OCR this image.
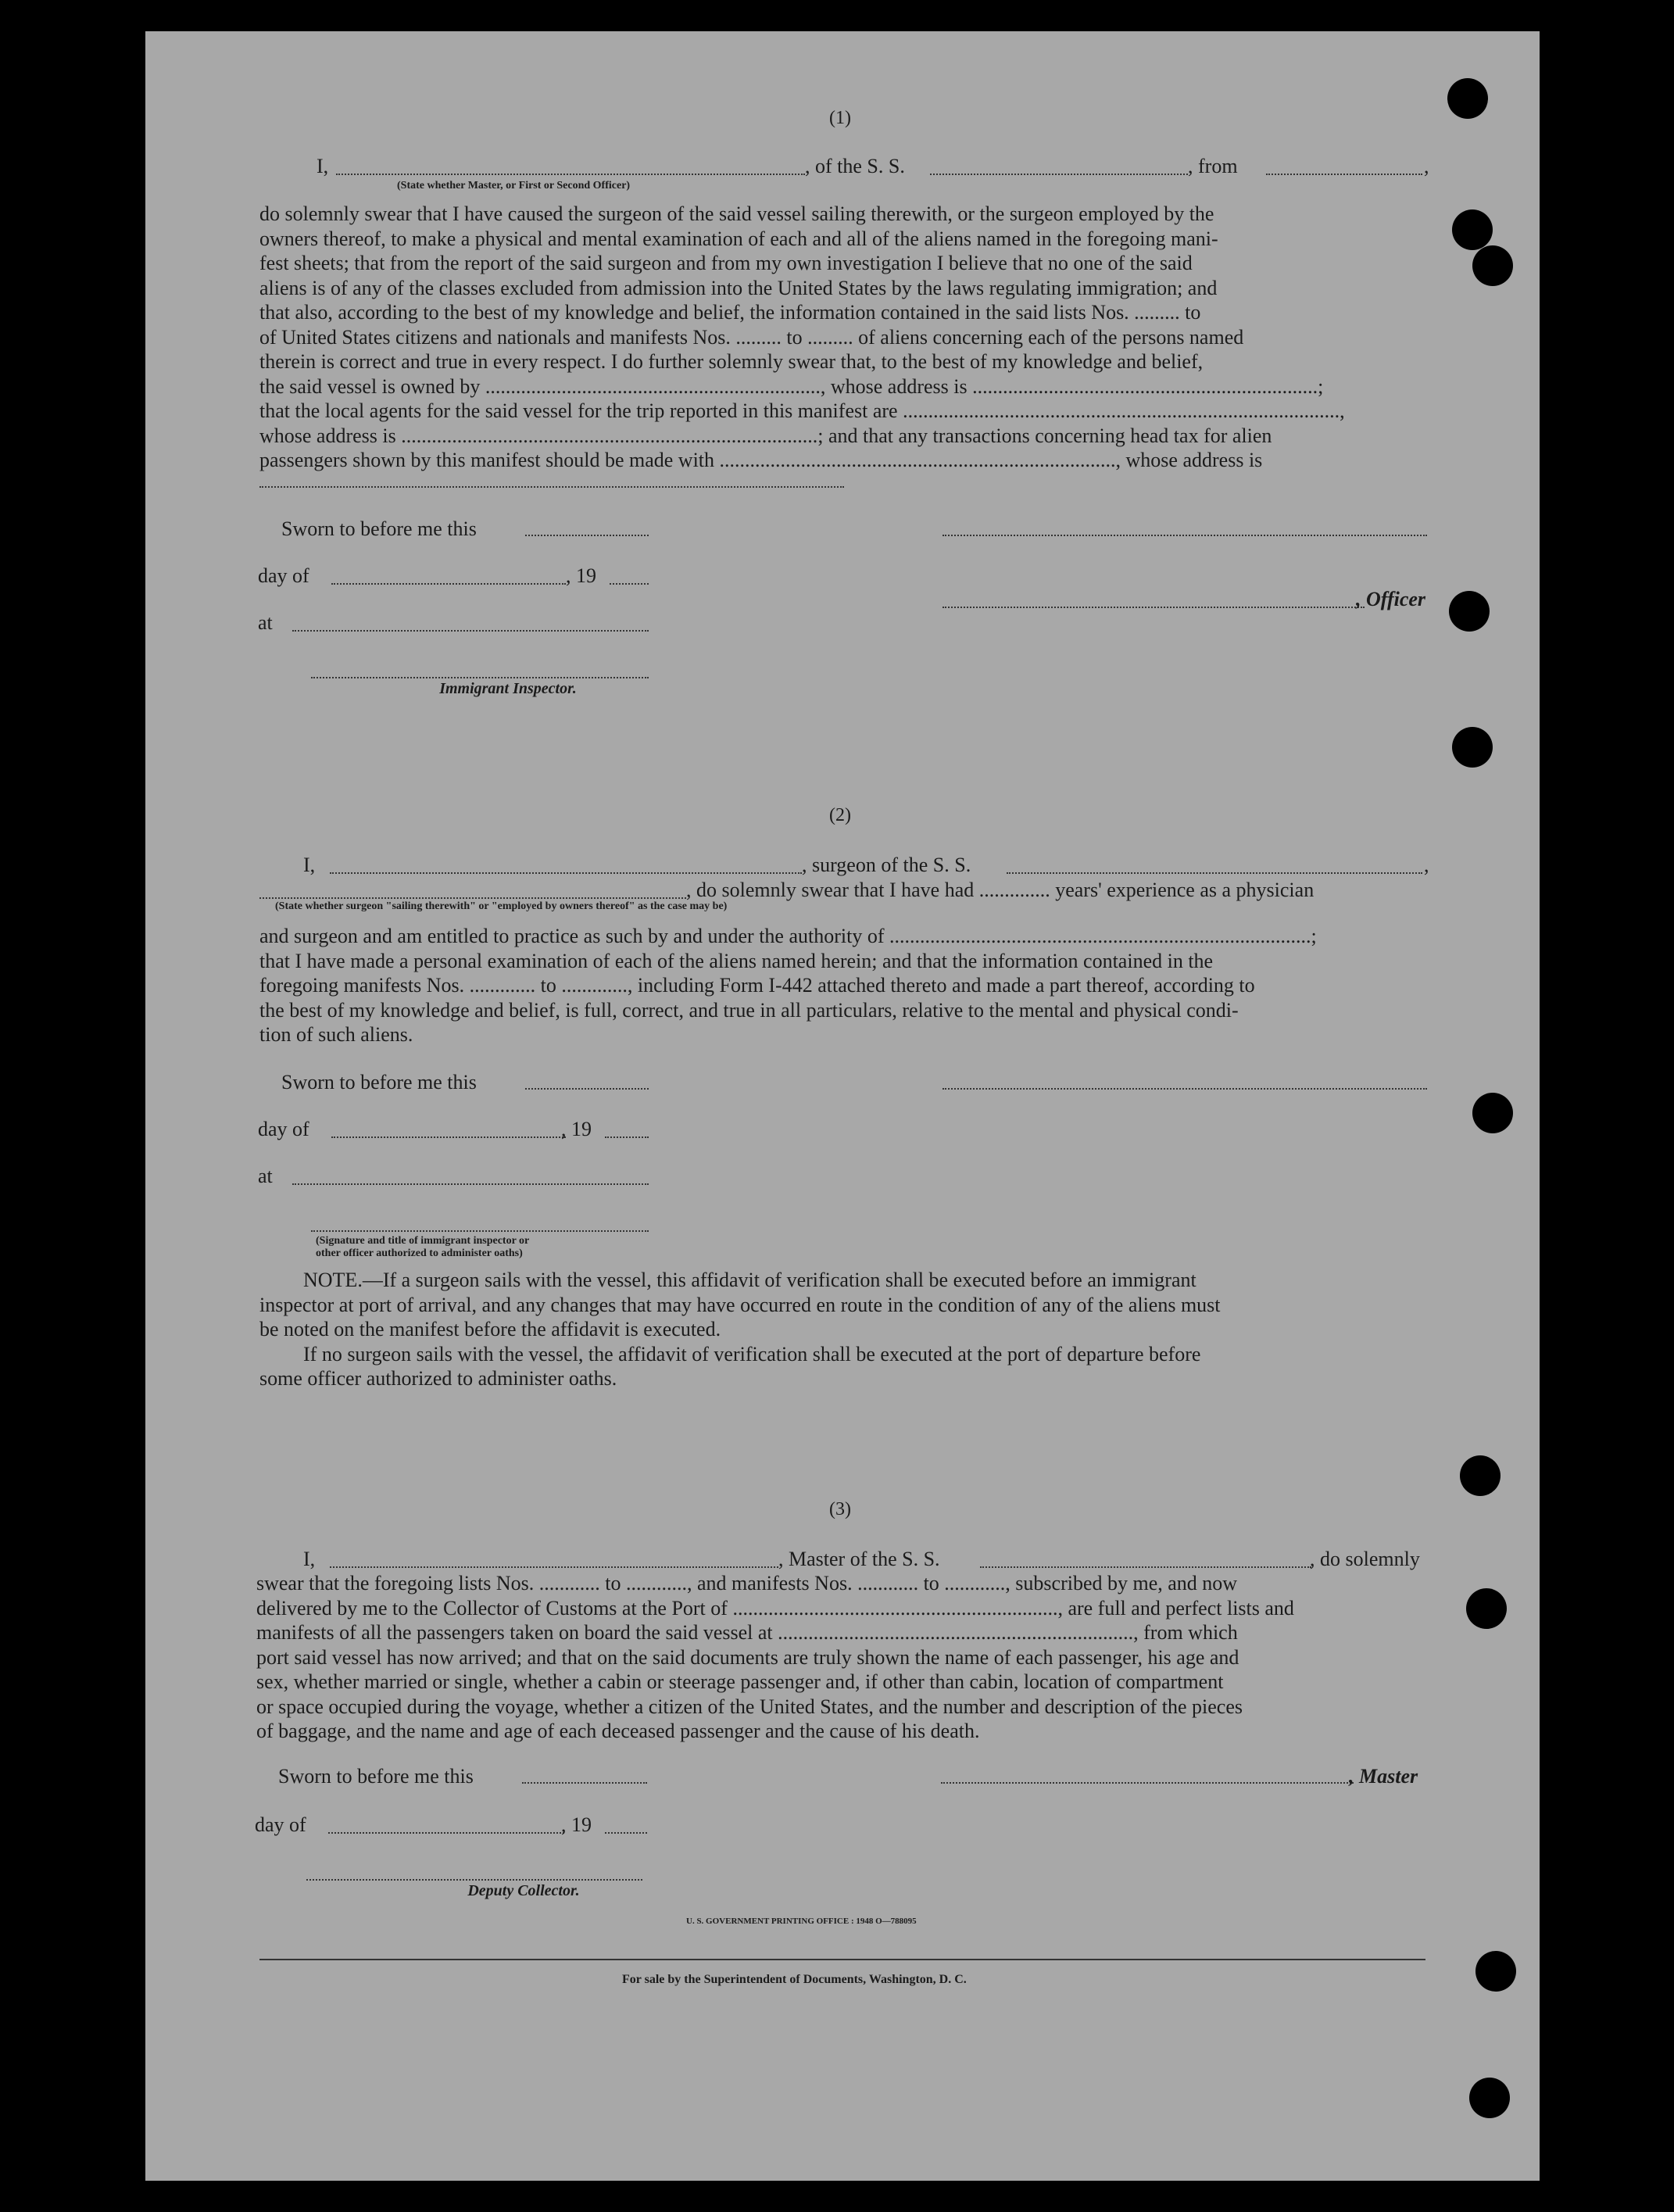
(1)
I,	, of the S. S.	, from	,
(State whether Master, or First or Second Officer)
do solemnly swear that I have caused the surgeon of the said vessel sailing therewith, or the surgeon employed by the
owners thereof, to make a physical and mental examination of each and all of the aliens named in the foregoing mani-
fest sheets; that from the report of the said surgeon and from my own investigation I believe that no one of the said
aliens is of any of the classes excluded from admission into the United States by the laws regulating immigration; and
that also, according to the best of my knowledge and belief, the information contained in the said lists Nos. ......... to
of United States citizens and nationals and manifests Nos. ......... to ......... of aliens concerning each of the persons named
therein is correct and true in every respect. I do further solemnly swear that, to the best of my knowledge and belief,
the said vessel is owned by .................................................................., whose address is ....................................................................;
that the local agents for the said vessel for the trip reported in this manifest are ......................................................................................,
whose address is ..................................................................................; and that any transactions concerning head tax for alien
passengers shown by this manifest should be made with .............................................................................., whose address is
Sworn to before me this
day of	, 19
, Officer
at
Immigrant Inspector.
(2)
I,	, surgeon of the S. S.	,
, do solemnly swear that I have had .............. years' experience as a physician
(State whether surgeon "sailing therewith" or "employed by owners thereof" as the case may be)
and surgeon and am entitled to practice as such by and under the authority of ...................................................................................;
that I have made a personal examination of each of the aliens named herein; and that the information contained in the
foregoing manifests Nos. ............. to ............., including Form I-442 attached thereto and made a part thereof, according to
the best of my knowledge and belief, is full, correct, and true in all particulars, relative to the mental and physical condi-
tion of such aliens.
Sworn to before me this
day of	, 19
at
(Signature and title of immigrant inspector or
other officer authorized to administer oaths)
NOTE.—If a surgeon sails with the vessel, this affidavit of verification shall be executed before an immigrant
inspector at port of arrival, and any changes that may have occurred en route in the condition of any of the aliens must
be noted on the manifest before the affidavit is executed.
If no surgeon sails with the vessel, the affidavit of verification shall be executed at the port of departure before
some officer authorized to administer oaths.
(3)
I,	, Master of the S. S.	, do solemnly
swear that the foregoing lists Nos. ............ to ............, and manifests Nos. ............ to ............, subscribed by me, and now
delivered by me to the Collector of Customs at the Port of ................................................................, are full and perfect lists and
manifests of all the passengers taken on board the said vessel at ......................................................................, from which
port said vessel has now arrived; and that on the said documents are truly shown the name of each passenger, his age and
sex, whether married or single, whether a cabin or steerage passenger and, if other than cabin, location of compartment
or space occupied during the voyage, whether a citizen of the United States, and the number and description of the pieces
of baggage, and the name and age of each deceased passenger and the cause of his death.
Sworn to before me this	, Master
day of	, 19
Deputy Collector.
U. S. GOVERNMENT PRINTING OFFICE : 1948 O—788095
For sale by the Superintendent of Documents, Washington, D. C.
